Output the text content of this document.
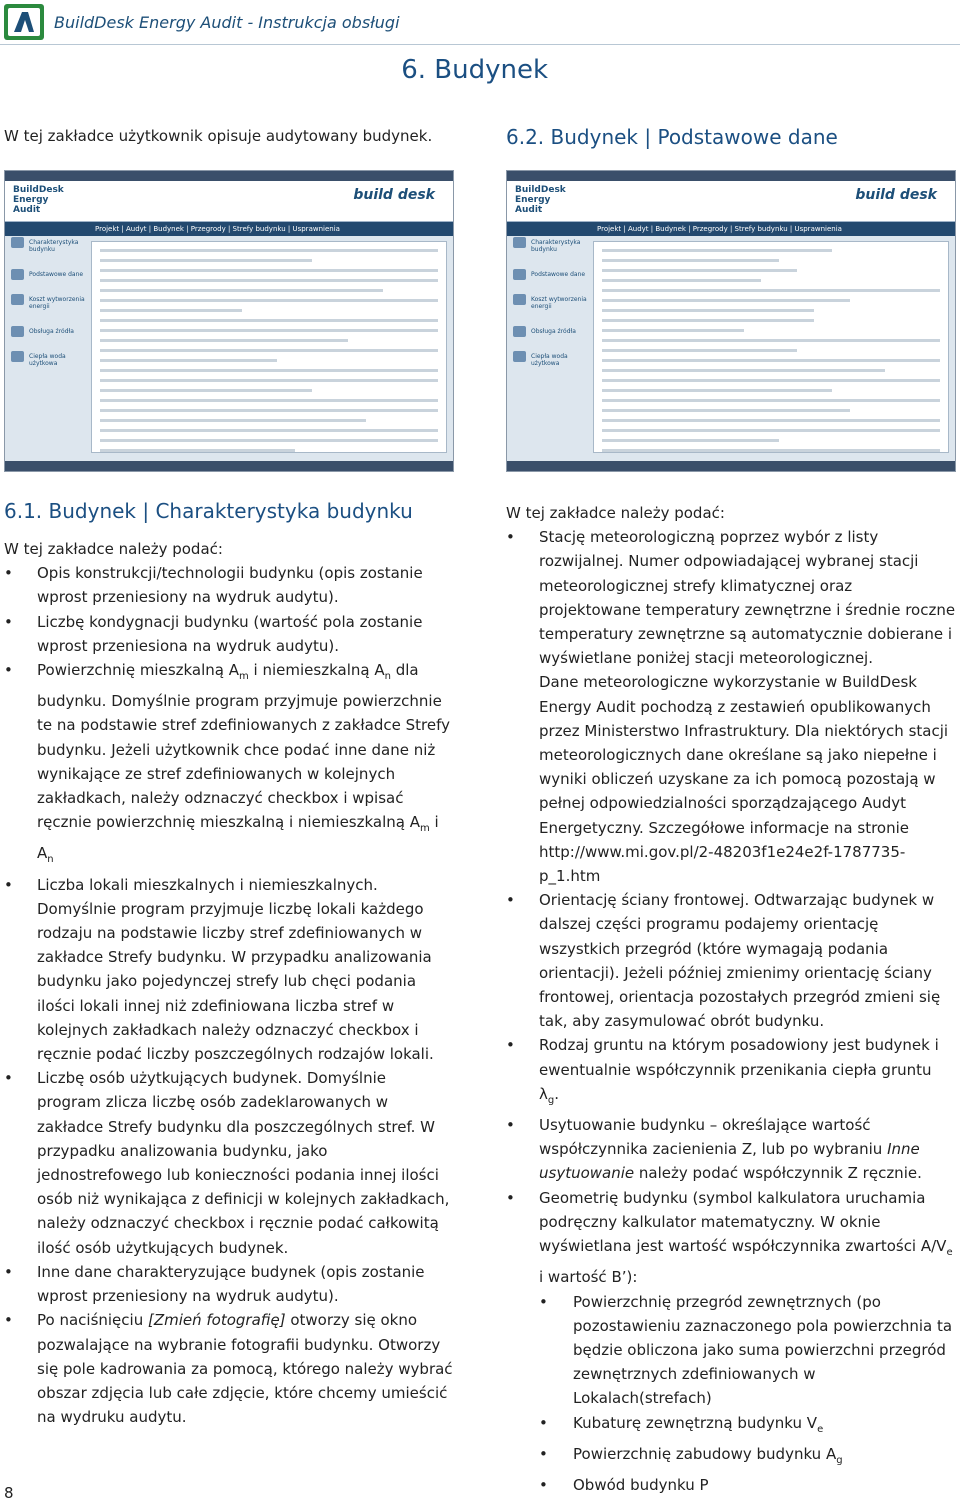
BuildDesk Energy Audit - Instrukcja obsługi
6. Budynek
W tej zakładce użytkownik opisuje audytowany budynek.	6.2. Budynek | Podstawowe dane
BuildDesk
Energy
Audit
build desk
Projekt | Audyt | Budynek | Przegrody | Strefy budynku | Usprawnienia
Charakterystyka budynku
Podstawowe dane
Koszt wytworzenia energii
Obsługa źródła
Ciepła woda użytkowa
BuildDesk
Energy
Audit
build desk
Projekt | Audyt | Budynek | Przegrody | Strefy budynku | Usprawnienia
Charakterystyka budynku
Podstawowe dane
Koszt wytworzenia energii
Obsługa źródła
Ciepła woda użytkowa
6.1. Budynek | Charakterystyka budynku

W tej zakładce należy podać:

• Opis konstrukcji/technologii budynku (opis zostanie wprost przeniesiony na wydruk audytu).
• Liczbę kondygnacji budynku (wartość pola zostanie wprost przeniesiona na wydruk audytu).
• Powierzchnię mieszkalną $A_m$ i niemieszkalną $A_n$ dla budynku. Domyślnie program przyjmuje powierzchnie te na podstawie stref zdefiniowanych z zakładce Strefy budynku. Jeżeli użytkownik chce podać inne dane niż wynikające ze stref zdefiniowanych w kolejnych zakładkach, należy odznaczyć checkbox i wpisać ręcznie powierzchnię mieszkalną i niemieszkalną $A_m$ i $A_n$
• Liczba lokali mieszkalnych i niemieszkalnych. Domyślnie program przyjmuje liczbę lokali każdego rodzaju na podstawie liczby stref zdefiniowanych w zakładce Strefy budynku. W przypadku analizowania budynku jako pojedynczej strefy lub chęci podania ilości lokali innej niż zdefiniowana liczba stref w kolejnych zakładkach należy odznaczyć checkbox i ręcznie podać liczby poszczególnych rodzajów lokali.
• Liczbę osób użytkujących budynek. Domyślnie program zlicza liczbę osób zadeklarowanych w zakładce Strefy budynku dla poszczególnych stref. W przypadku analizowania budynku, jako jednostrefowego lub konieczności podania innej ilości osób niż wynikająca z definicji w kolejnych zakładkach, należy odznaczyć checkbox i ręcznie podać całkowitą ilość osób użytkujących budynek.
• Inne dane charakteryzujące budynek (opis zostanie wprost przeniesiony na wydruk audytu).
• Po naciśnięciu [Zmień fotografię] otworzy się okno pozwalające na wybranie fotografii budynku. Otworzy się pole kadrowania za pomocą, którego należy wybrać obszar zdjęcia lub całe zdjęcie, które chcemy umieścić na wydruku audytu.

W tej zakładce należy podać:

• Stację meteorologiczną poprzez wybór z listy rozwijalnej. Numer odpowiadającej wybranej stacji meteorologicznej strefy klimatycznej oraz projektowane temperatury zewnętrzne i średnie roczne temperatury zewnętrzne są automatycznie dobierane i wyświetlane poniżej stacji meteorologicznej.
Dane meteorologiczne wykorzystanie w BuildDesk Energy Audit pochodzą z zestawień opublikowanych przez Ministerstwo Infrastruktury. Dla niektórych stacji meteorologicznych dane określane są jako niepełne i wyniki obliczeń uzyskane za ich pomocą pozostają w pełnej odpowiedzialności sporządzającego Audyt Energetyczny. Szczegółowe informacje na stronie http://www.mi.gov.pl/2-48203f1e24e2f-1787735-p_1.htm
• Orientację ściany frontowej. Odtwarzając budynek w dalszej części programu podajemy orientację wszystkich przegród (które wymagają podania orientacji). Jeżeli później zmienimy orientację ściany frontowej, orientacja pozostałych przegród zmieni się tak, aby zasymulować obrót budynku.
• Rodzaj gruntu na którym posadowiony jest budynek i ewentualnie współczynnik przenikania ciepła gruntu $\lambda_g$.
• Usytuowanie budynku – określające wartość współczynnika zacienienia Z, lub po wybraniu Inne usytuowanie należy podać współczynnik Z ręcznie.
• Geometrię budynku (symbol kalkulatora uruchamia podręczny kalkulator matematyczny. W oknie wyświetlana jest wartość współczynnika zwartości $A/V_e$ i wartość B’):
• Powierzchnię przegród zewnętrznych (po pozostawieniu zaznaczonego pola powierzchnia ta będzie obliczona jako suma powierzchni przegród zewnętrznych zdefiniowanych w Lokalach(strefach)
• Kubaturę zewnętrzną budynku $V_e$
• Powierzchnię zabudowy budynku $A_g$
• Obwód budynku P
8
